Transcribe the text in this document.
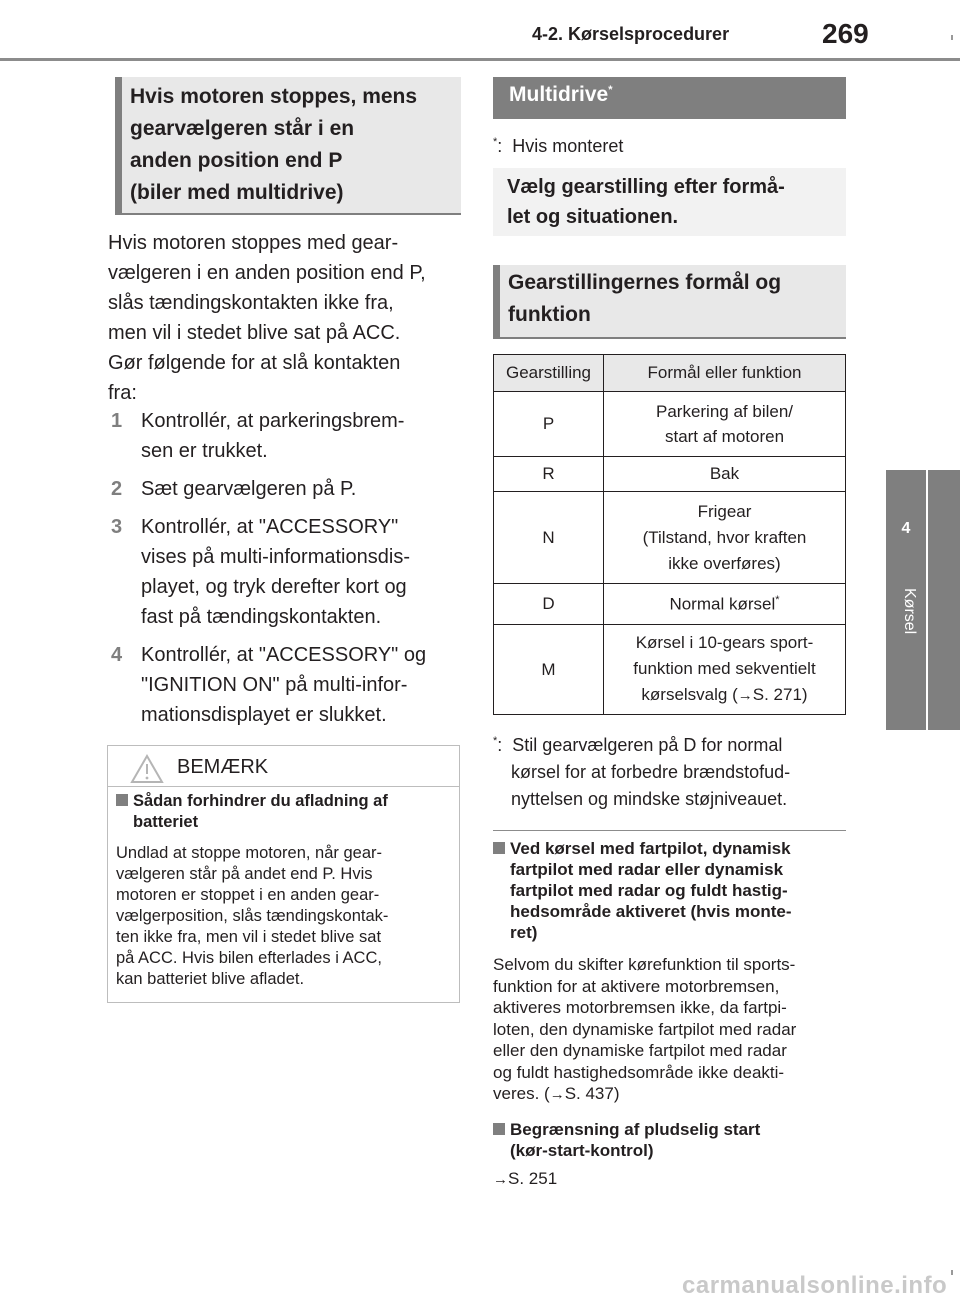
4-2. Kørselsprocedurer	269
4
Kørsel
Hvis motoren stoppes, mens
gearvælgeren står i en
anden position end P
(biler med multidrive)
Hvis motoren stoppes med gear-
vælgeren i en anden position end P,
slås tændingskontakten ikke fra,
men vil i stedet blive sat på ACC.
Gør følgende for at slå kontakten
fra:
1 Kontrollér, at parkeringsbrem-
sen er trukket.
2 Sæt gearvælgeren på P.
3 Kontrollér, at "ACCESSORY"
vises på multi-informationsdis-
playet, og tryk derefter kort og
fast på tændingskontakten.
4 Kontrollér, at "ACCESSORY" og
"IGNITION ON" på multi-infor-
mationsdisplayet er slukket.
BEMÆRK
Sådan forhindrer du afladning af
batteriet
Undlad at stoppe motoren, når gear-
vælgeren står på andet end P. Hvis
motoren er stoppet i en anden gear-
vælgerposition, slås tændingskontak-
ten ikke fra, men vil i stedet blive sat
på ACC. Hvis bilen efterlades i ACC,
kan batteriet blive afladet.
Multidrive*
*:  Hvis monteret
Vælg gearstilling efter formå-
let og situationen.
Gearstillingernes formål og
funktion
Gearstilling	Formål eller funktion
P	Parkering af bilen/
start af motoren

R	Bak

N	Frigear
(Tilstand, hvor kraften
ikke overføres)

D	Normal kørsel*
M	Kørsel i 10-gears sport-
funktion med sekventielt
kørselsvalg (→S. 271)
*:  Stil gearvælgeren på D for normal
kørsel for at forbedre brændstofud-
nyttelsen og mindske støjniveauet.
Ved kørsel med fartpilot, dynamisk
fartpilot med radar eller dynamisk
fartpilot med radar og fuldt hastig-
hedsområde aktiveret (hvis monte-
ret)
Selvom du skifter kørefunktion til sports-
funktion for at aktivere motorbremsen,
aktiveres motorbremsen ikke, da fartpi-
loten, den dynamiske fartpilot med radar
eller den dynamiske fartpilot med radar
og fuldt hastighedsområde ikke deakti-
veres. (→S. 437)
Begrænsning af pludselig start
(kør-start-kontrol)
→S. 251
carmanualsonline.info
